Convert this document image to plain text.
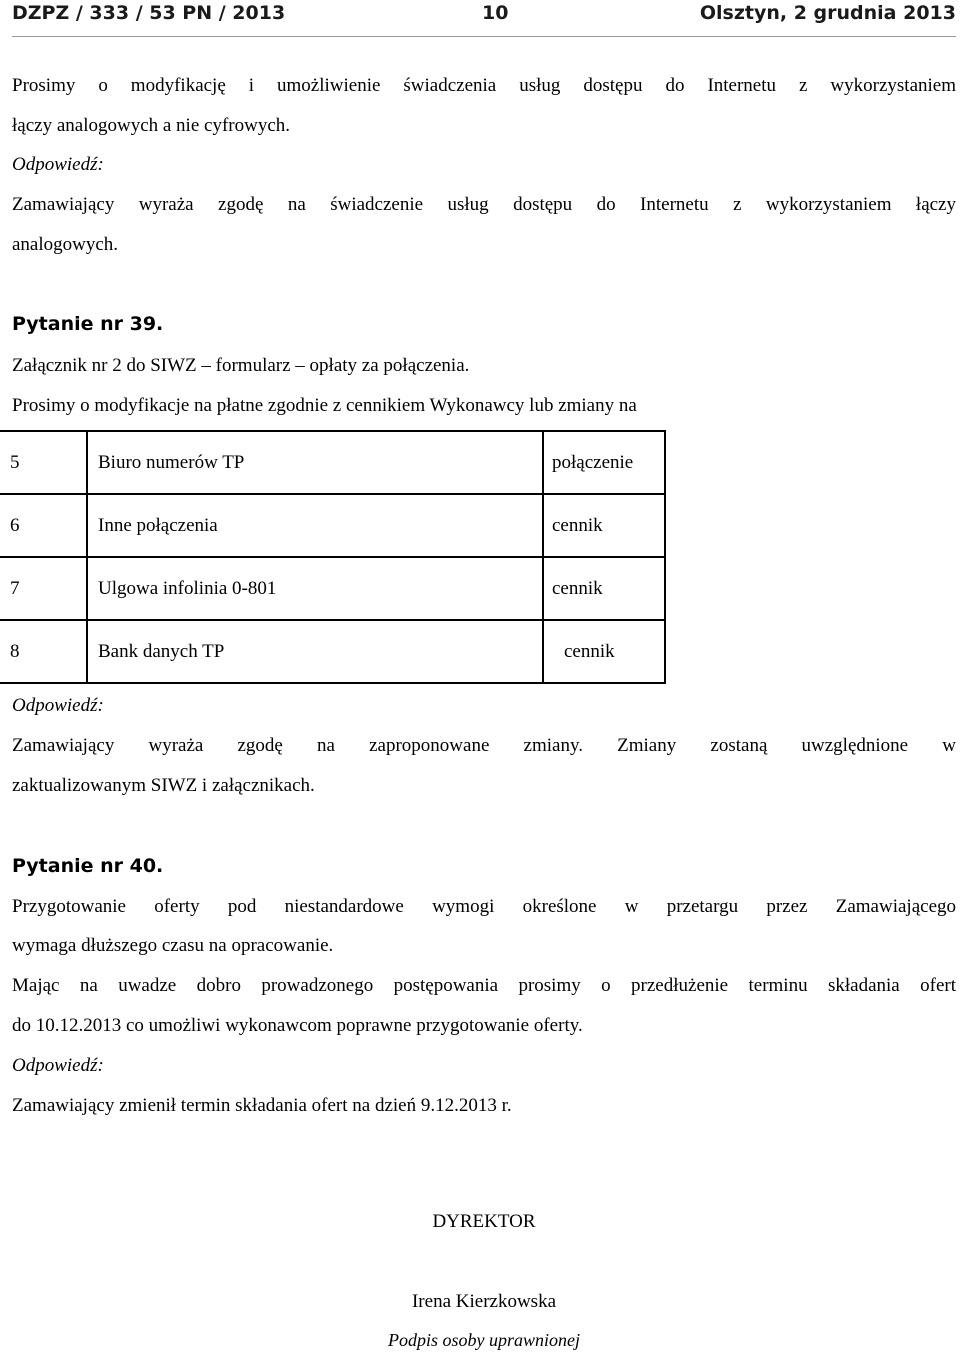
DZPZ / 333 / 53 PN / 2013	10	Olsztyn, 2 grudnia 2013
Prosimy o modyfikację i umożliwienie świadczenia usług dostępu do Internetu z wykorzystaniem
łączy analogowych a nie cyfrowych.
Odpowiedź:
Zamawiający wyraża zgodę na świadczenie usług dostępu do Internetu z wykorzystaniem łączy
analogowych.
Pytanie nr 39.
Załącznik nr 2 do SIWZ – formularz – opłaty za połączenia.
Prosimy o modyfikacje na płatne zgodnie z cennikiem Wykonawcy lub zmiany na
5	Biuro numerów TP	połączenie
6	Inne połączenia	cennik
7	Ulgowa infolinia 0-801	cennik
8	Bank danych TP	cennik
Odpowiedź:
Zamawiający wyraża zgodę na zaproponowane zmiany. Zmiany zostaną uwzględnione w
zaktualizowanym SIWZ i załącznikach.
Pytanie nr 40.
Przygotowanie oferty pod niestandardowe wymogi określone w przetargu przez Zamawiającego
wymaga dłuższego czasu na opracowanie.
Mając na uwadze dobro prowadzonego postępowania prosimy o przedłużenie terminu składania ofert
do 10.12.2013 co umożliwi wykonawcom poprawne przygotowanie oferty.
Odpowiedź:
Zamawiający zmienił termin składania ofert na dzień 9.12.2013 r.
DYREKTOR
Irena Kierzkowska
Podpis osoby uprawnionej
